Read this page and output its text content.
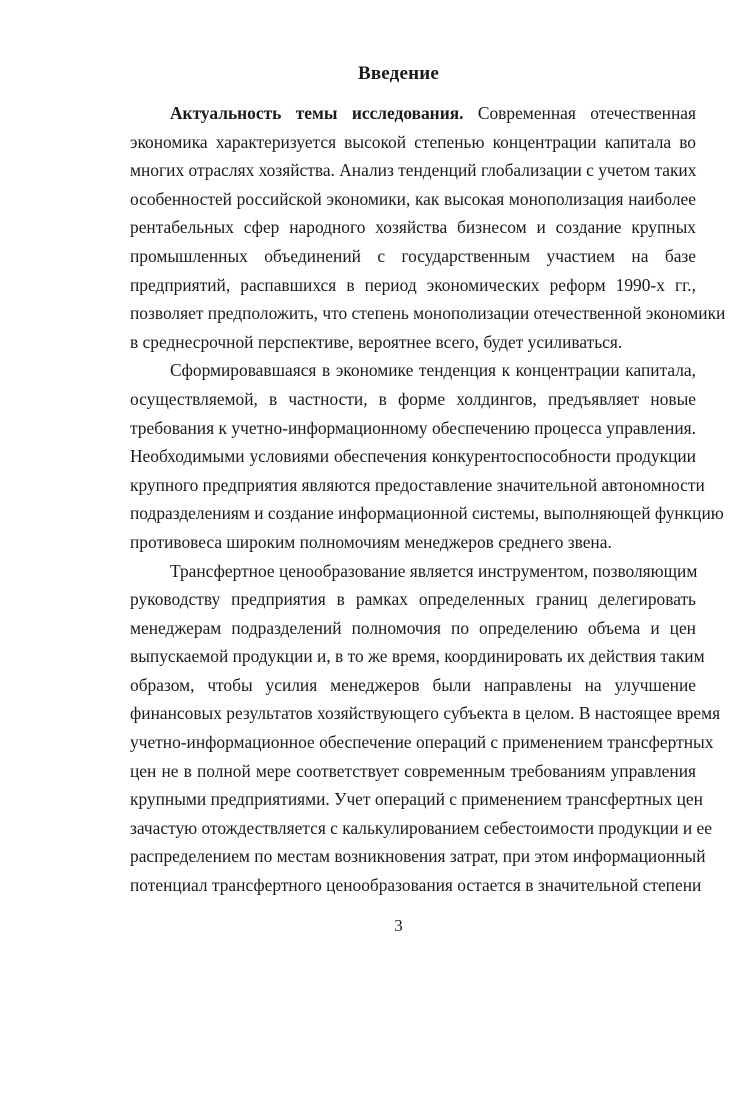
Введение
Актуальность темы исследования. Современная отечественная
экономика характеризуется высокой степенью концентрации капитала во
многих отраслях хозяйства. Анализ тенденций глобализации с учетом таких
особенностей российской экономики, как высокая монополизация наиболее
рентабельных сфер народного хозяйства бизнесом и создание крупных
промышленных объединений с государственным участием на базе
предприятий, распавшихся в период экономических реформ 1990-х гг.,
позволяет предположить, что степень монополизации отечественной экономики
в среднесрочной перспективе, вероятнее всего, будет усиливаться.
Сформировавшаяся в экономике тенденция к концентрации капитала,
осуществляемой, в частности, в форме холдингов, предъявляет новые
требования к учетно-информационному обеспечению процесса управления.
Необходимыми условиями обеспечения конкурентоспособности продукции
крупного предприятия являются предоставление значительной автономности
подразделениям и создание информационной системы, выполняющей функцию
противовеса широким полномочиям менеджеров среднего звена.
Трансфертное ценообразование является инструментом, позволяющим
руководству предприятия в рамках определенных границ делегировать
менеджерам подразделений полномочия по определению объема и цен
выпускаемой продукции и, в то же время, координировать их действия таким
образом, чтобы усилия менеджеров были направлены на улучшение
финансовых результатов хозяйствующего субъекта в целом. В настоящее время
учетно-информационное обеспечение операций с применением трансфертных
цен не в полной мере соответствует современным требованиям управления
крупными предприятиями. Учет операций с применением трансфертных цен
зачастую отождествляется с калькулированием себестоимости продукции и ее
распределением по местам возникновения затрат, при этом информационный
потенциал трансфертного ценообразования остается в значительной степени
3
